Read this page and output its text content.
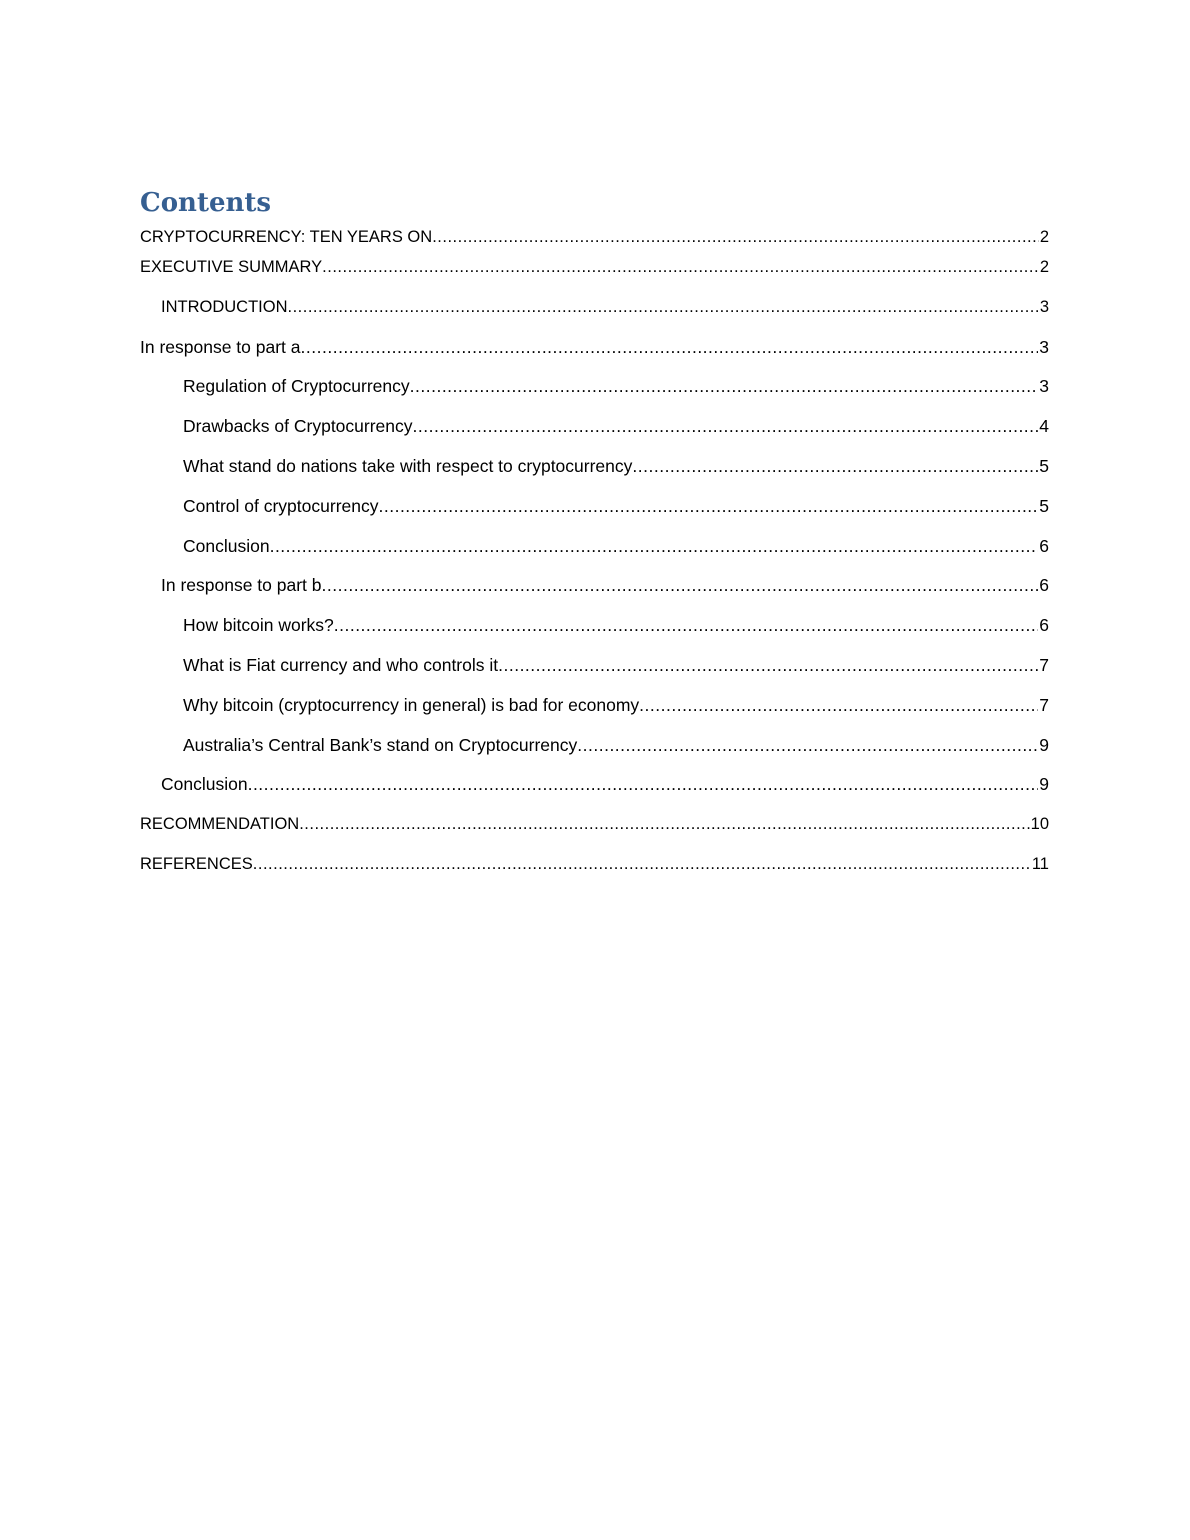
Contents
CRYPTOCURRENCY: TEN YEARS ON .....	2
EXECUTIVE SUMMARY .....	2
INTRODUCTION .....	3
In response to part a .....	3
Regulation of Cryptocurrency .....	3
Drawbacks of Cryptocurrency .....	4
What stand do nations take with respect to cryptocurrency .....	5
Control of cryptocurrency .....	5
Conclusion .....	6
In response to part b .....	6
How bitcoin works? .....	6
What is Fiat currency and who controls it .....	7
Why bitcoin (cryptocurrency in general) is bad for economy .....	7
Australia’s Central Bank’s stand on Cryptocurrency .....	9
Conclusion .....	9
RECOMMENDATION .....	10
REFERENCES .....	11
